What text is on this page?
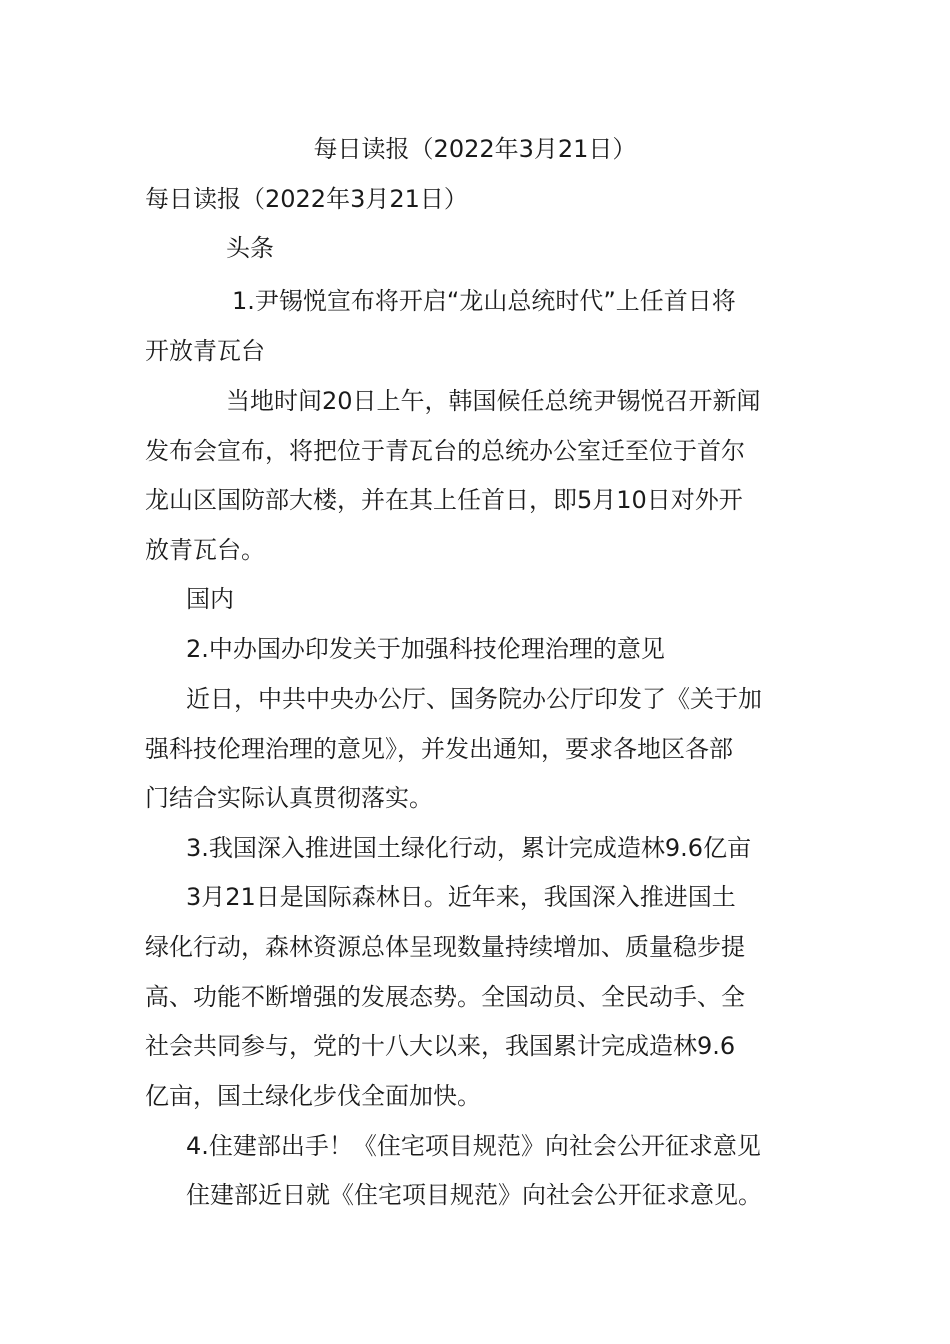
每日读报（2022年3月21日）

每日读报（2022年3月21日）

头条

1.尹锡悦宣布将开启“龙山总统时代”上任首日将

开放青瓦台

当地时间20日上午，韩国候任总统尹锡悦召开新闻

发布会宣布，将把位于青瓦台的总统办公室迁至位于首尔

龙山区国防部大楼，并在其上任首日，即5月10日对外开

放青瓦台。

国内

2.中办国办印发关于加强科技伦理治理的意见

近日，中共中央办公厅、国务院办公厅印发了《关于加

强科技伦理治理的意见》，并发出通知，要求各地区各部

门结合实际认真贯彻落实。

3.我国深入推进国土绿化行动，累计完成造林9.6亿亩

3月21日是国际森林日。近年来，我国深入推进国土

绿化行动，森林资源总体呈现数量持续增加、质量稳步提

高、功能不断增强的发展态势。全国动员、全民动手、全

社会共同参与，党的十八大以来，我国累计完成造林9.6

亿亩，国土绿化步伐全面加快。

4.住建部出手！《住宅项目规范》向社会公开征求意见

住建部近日就《住宅项目规范》向社会公开征求意见。
